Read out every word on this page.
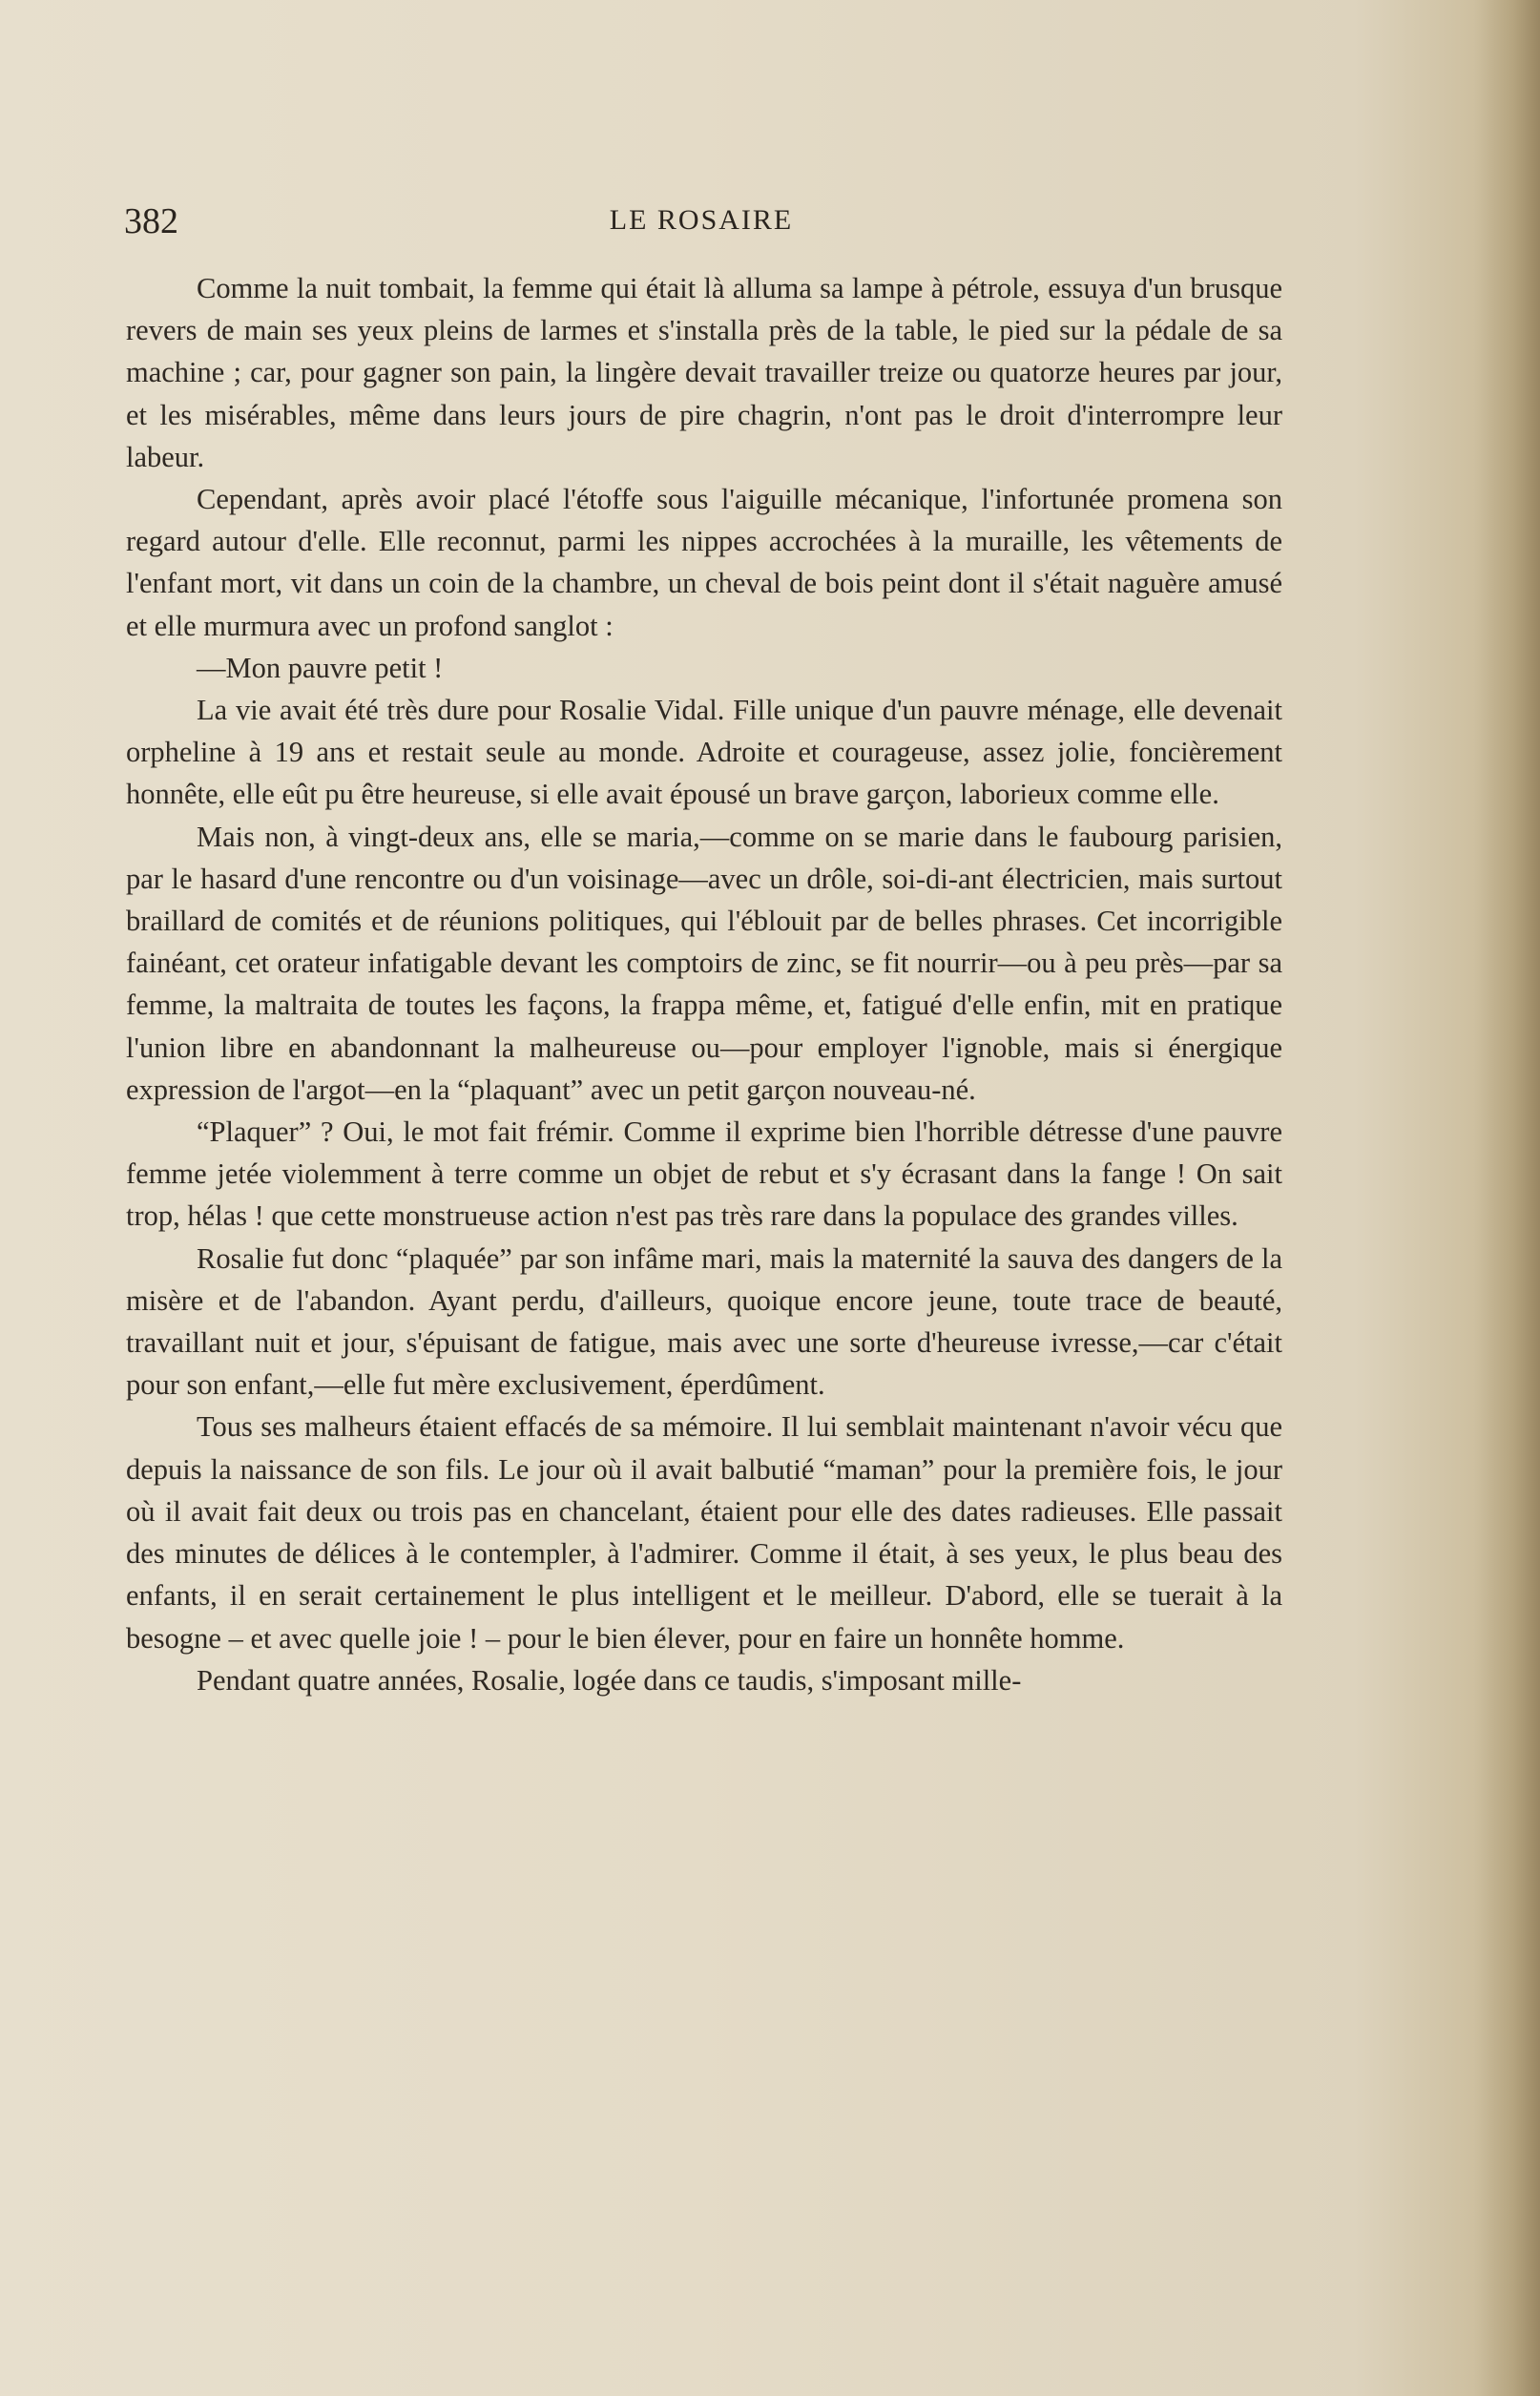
382	LE ROSAIRE

Comme la nuit tombait, la femme qui était là alluma sa lampe à pétrole, essuya d'un brusque revers de main ses yeux pleins de larmes et s'installa près de la table, le pied sur la pédale de sa machine ; car, pour gagner son pain, la lingère devait travailler treize ou quatorze heures par jour, et les misérables, même dans leurs jours de pire chagrin, n'ont pas le droit d'interrompre leur labeur.

Cependant, après avoir placé l'étoffe sous l'aiguille mécanique, l'infortunée promena son regard autour d'elle. Elle reconnut, parmi les nippes accrochées à la muraille, les vêtements de l'enfant mort, vit dans un coin de la chambre, un cheval de bois peint dont il s'était naguère amusé et elle murmura avec un profond sanglot :

—Mon pauvre petit !

La vie avait été très dure pour Rosalie Vidal. Fille unique d'un pauvre ménage, elle devenait orpheline à 19 ans et restait seule au monde. Adroite et courageuse, assez jolie, foncièrement honnête, elle eût pu être heureuse, si elle avait épousé un brave garçon, laborieux comme elle.

Mais non, à vingt-deux ans, elle se maria,—comme on se marie dans le faubourg parisien, par le hasard d'une rencontre ou d'un voisinage—avec un drôle, soi-di-ant électricien, mais surtout braillard de comités et de réunions politiques, qui l'éblouit par de belles phrases. Cet incorrigible fainéant, cet orateur infatigable devant les comptoirs de zinc, se fit nourrir—ou à peu près—par sa femme, la maltraita de toutes les façons, la frappa même, et, fatigué d'elle enfin, mit en pratique l'union libre en abandonnant la malheureuse ou—pour employer l'ignoble, mais si énergique expression de l'argot—en la “plaquant” avec un petit garçon nouveau-né.

“Plaquer” ? Oui, le mot fait frémir. Comme il exprime bien l'horrible détresse d'une pauvre femme jetée violemment à terre comme un objet de rebut et s'y écrasant dans la fange ! On sait trop, hélas ! que cette monstrueuse action n'est pas très rare dans la populace des grandes villes.

Rosalie fut donc “plaquée” par son infâme mari, mais la maternité la sauva des dangers de la misère et de l'abandon. Ayant perdu, d'ailleurs, quoique encore jeune, toute trace de beauté, travaillant nuit et jour, s'épuisant de fatigue, mais avec une sorte d'heureuse ivresse,—car c'était pour son enfant,—elle fut mère exclusivement, éperdûment.

Tous ses malheurs étaient effacés de sa mémoire. Il lui semblait maintenant n'avoir vécu que depuis la naissance de son fils. Le jour où il avait balbutié “maman” pour la première fois, le jour où il avait fait deux ou trois pas en chancelant, étaient pour elle des dates radieuses. Elle passait des minutes de délices à le contempler, à l'admirer. Comme il était, à ses yeux, le plus beau des enfants, il en serait certainement le plus intelligent et le meilleur. D'abord, elle se tuerait à la besogne – et avec quelle joie ! – pour le bien élever, pour en faire un honnête homme.

Pendant quatre années, Rosalie, logée dans ce taudis, s'imposant mille-
